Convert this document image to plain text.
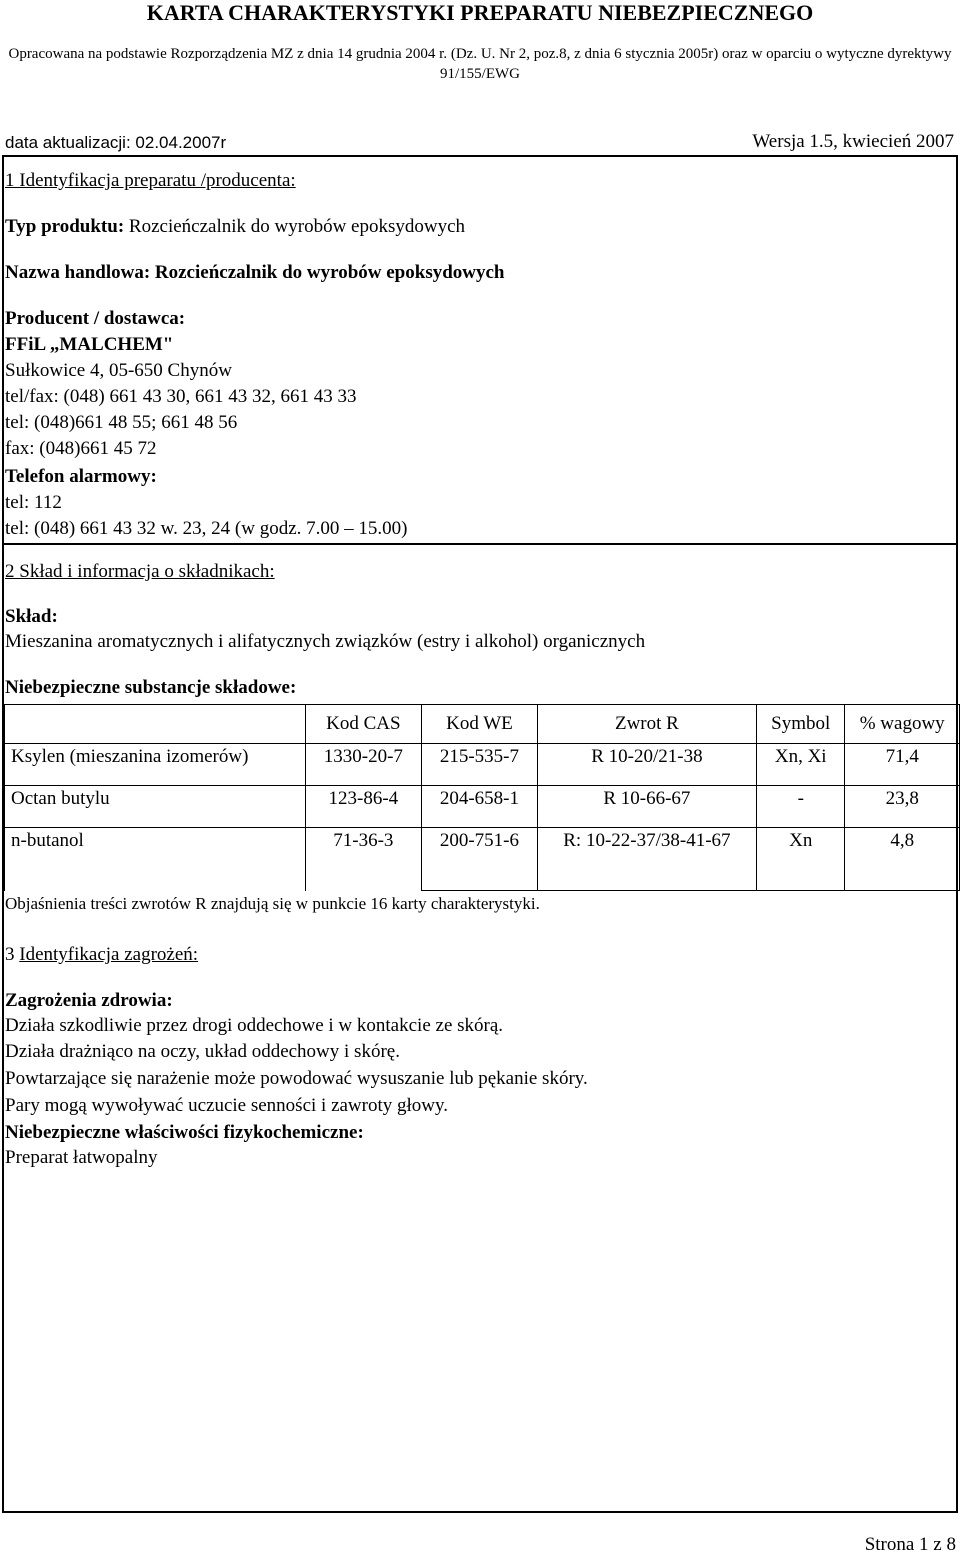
KARTA CHARAKTERYSTYKI PREPARATU NIEBEZPIECZNEGO
Opracowana na podstawie Rozporządzenia MZ z dnia 14 grudnia 2004 r. (Dz. U. Nr 2, poz.8, z dnia 6 stycznia 2005r) oraz w oparciu o wytyczne dyrektywy 91/155/EWG
data aktualizacji: 02.04.2007r	Wersja 1.5, kwiecień 2007
1 Identyfikacja preparatu /producenta:
Typ produktu: Rozcieńczalnik do wyrobów epoksydowych
Nazwa handlowa: Rozcieńczalnik do wyrobów epoksydowych
Producent / dostawca:
FFiL „MALCHEM"
Sułkowice 4, 05-650 Chynów
tel/fax: (048) 661 43 30, 661 43 32, 661 43 33
tel: (048)661 48 55; 661 48 56
fax: (048)661 45 72
Telefon alarmowy:
tel: 112
tel: (048) 661 43 32 w. 23, 24 (w godz. 7.00 – 15.00)
2 Skład i informacja o składnikach:
Skład:
Mieszanina aromatycznych i alifatycznych związków (estry i alkohol) organicznych
Niebezpieczne substancje składowe:
	Kod CAS	Kod WE	Zwrot R	Symbol	% wagowy
Ksylen (mieszanina izomerów)	1330-20-7	215-535-7	R 10-20/21-38	Xn, Xi	71,4
Octan butylu	123-86-4	204-658-1	R 10-66-67	-	23,8
n-butanol	71-36-3	200-751-6	R: 10-22-37/38-41-67	Xn	4,8
Objaśnienia treści zwrotów R znajdują się w punkcie 16 karty charakterystyki.
3 Identyfikacja zagrożeń:
Zagrożenia zdrowia:
Działa szkodliwie przez drogi oddechowe i w kontakcie ze skórą.
Działa drażniąco na oczy, układ oddechowy i skórę.
Powtarzające się narażenie może powodować wysuszanie lub pękanie skóry.
Pary mogą wywoływać uczucie senności i zawroty głowy.
Niebezpieczne właściwości fizykochemiczne:
Preparat łatwopalny
Strona 1 z 8
